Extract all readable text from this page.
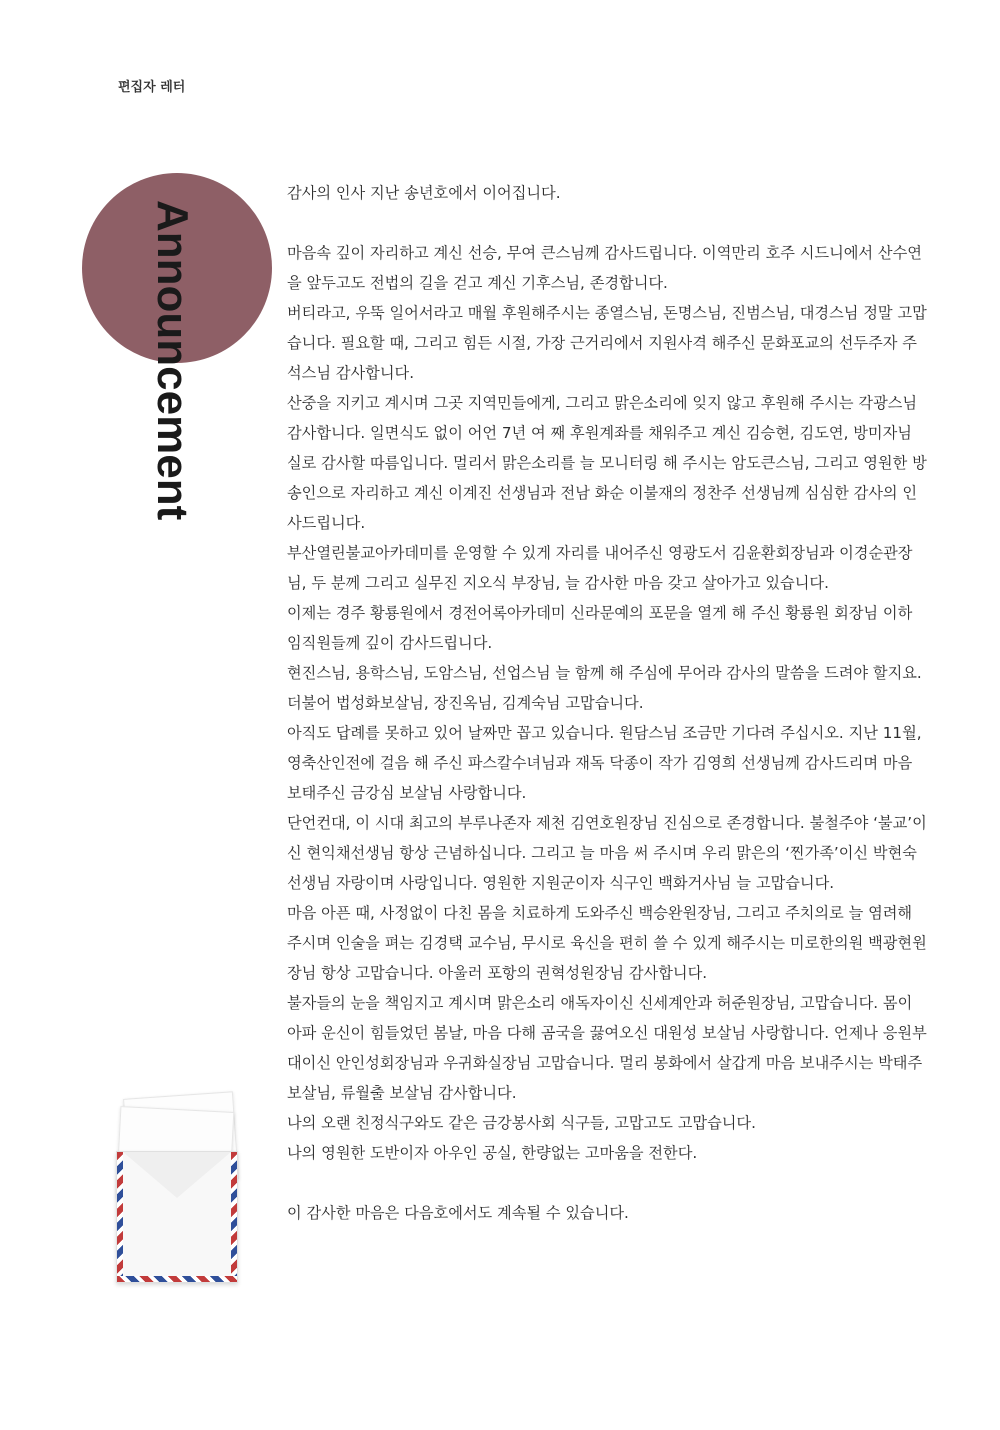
편집자 레터
Announcement

감사의 인사 지난 송년호에서 이어집니다.

마음속 깊이 자리하고 계신 선승, 무여 큰스님께 감사드립니다. 이역만리 호주 시드니에서 산수연을 앞두고도 전법의 길을 걷고 계신 기후스님, 존경합니다.

버티라고, 우뚝 일어서라고 매월 후원해주시는 종열스님, 돈명스님, 진범스님, 대경스님 정말 고맙습니다. 필요할 때, 그리고 힘든 시절, 가장 근거리에서 지원사격 해주신 문화포교의 선두주자 주석스님 감사합니다.

산중을 지키고 계시며 그곳 지역민들에게, 그리고 맑은소리에 잊지 않고 후원해 주시는 각광스님 감사합니다. 일면식도 없이 어언 7년 여 째 후원계좌를 채워주고 계신 김승현, 김도연, 방미자님 실로 감사할 따름입니다. 멀리서 맑은소리를 늘 모니터링 해 주시는 암도큰스님, 그리고 영원한 방송인으로 자리하고 계신 이계진 선생님과 전남 화순 이불재의 정찬주 선생님께 심심한 감사의 인사드립니다.

부산열린불교아카데미를 운영할 수 있게 자리를 내어주신 영광도서 김윤환회장님과 이경순관장님, 두 분께 그리고 실무진 지오식 부장님, 늘 감사한 마음 갖고 살아가고 있습니다.

이제는 경주 황룡원에서 경전어록아카데미 신라문예의 포문을 열게 해 주신 황룡원 회장님 이하 임직원들께 깊이 감사드립니다.

현진스님, 용학스님, 도암스님, 선업스님 늘 함께 해 주심에 무어라 감사의 말씀을 드려야 할지요. 더불어 법성화보살님, 장진옥님, 김계숙님 고맙습니다.

아직도 답례를 못하고 있어 날짜만 꼽고 있습니다. 원담스님 조금만 기다려 주십시오. 지난 11월, 영축산인전에 걸음 해 주신 파스칼수녀님과 재독 닥종이 작가 김영희 선생님께 감사드리며 마음 보태주신 금강심 보살님 사랑합니다.

단언컨대, 이 시대 최고의 부루나존자 제천 김연호원장님 진심으로 존경합니다. 불철주야 ‘불교’이신 현익채선생님 항상 근념하십니다. 그리고 늘 마음 써 주시며 우리 맑은의 ‘찐가족’이신 박현숙선생님 자랑이며 사랑입니다. 영원한 지원군이자 식구인 백화거사님 늘 고맙습니다.

마음 아픈 때, 사정없이 다친 몸을 치료하게 도와주신 백승완원장님, 그리고 주치의로 늘 염려해 주시며 인술을 펴는 김경택 교수님, 무시로 육신을 편히 쓸 수 있게 해주시는 미로한의원 백광현원장님 항상 고맙습니다. 아울러 포항의 권혁성원장님 감사합니다.

불자들의 눈을 책임지고 계시며 맑은소리 애독자이신 신세계안과 허준원장님, 고맙습니다. 몸이 아파 운신이 힘들었던 봄날, 마음 다해 곰국을 끓여오신 대원성 보살님 사랑합니다. 언제나 응원부대이신 안인성회장님과 우귀화실장님 고맙습니다. 멀리 봉화에서 살갑게 마음 보내주시는 박태주보살님, 류월출 보살님 감사합니다.

나의 오랜 친정식구와도 같은 금강봉사회 식구들, 고맙고도 고맙습니다.

나의 영원한 도반이자 아우인 공실, 한량없는 고마움을 전한다.

이 감사한 마음은 다음호에서도 계속될 수 있습니다.
